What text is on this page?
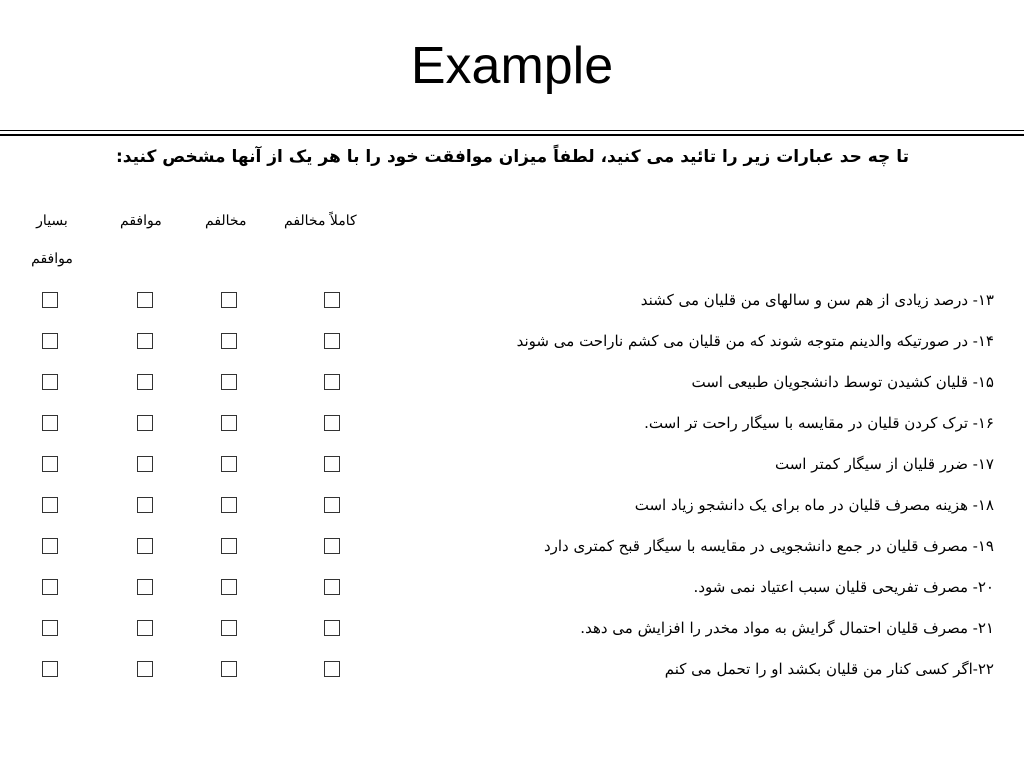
Example
تا چه حد عبارات زیر را تائید می کنید، لطفاً میزان موافقت خود را با هر یک از آنها مشخص کنید:
کاملاً مخالفم
مخالفم
موافقم
بسیار موافقم
۱۳- درصد زیادی از هم سن و سالهای من قلیان می کشند
۱۴- در صورتیکه والدینم متوجه شوند که من قلیان می کشم ناراحت می شوند
۱۵- قلیان کشیدن توسط دانشجویان طبیعی است
۱۶- ترک کردن قلیان در مقایسه با سیگار راحت تر است.
۱۷- ضرر قلیان از سیگار کمتر است
۱۸- هزینه مصرف قلیان در ماه برای یک دانشجو زیاد است
۱۹- مصرف قلیان در جمع دانشجویی در مقایسه با سیگار قبح کمتری دارد
۲۰- مصرف تفریحی قلیان سبب اعتیاد نمی شود.
۲۱- مصرف قلیان احتمال گرایش به مواد مخدر را افزایش می دهد.
۲۲-اگر کسی کنار من قلیان بکشد او را تحمل می کنم
